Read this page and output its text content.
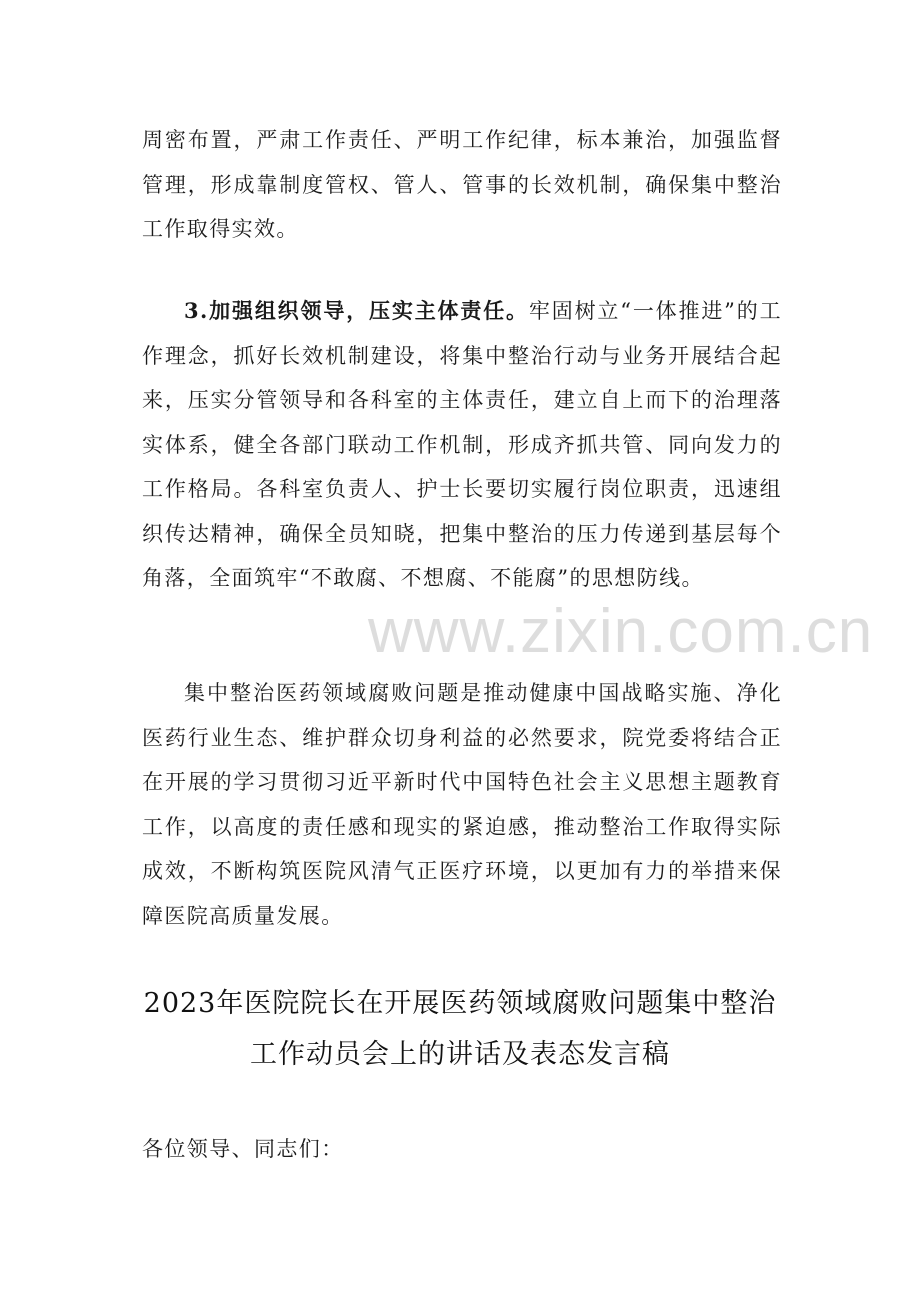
周密布置，严肃工作责任、严明工作纪律，标本兼治，加强监督管理，形成靠制度管权、管人、管事的长效机制，确保集中整治工作取得实效。

3.加强组织领导，压实主体责任。牢固树立“一体推进”的工作理念，抓好长效机制建设，将集中整治行动与业务开展结合起来，压实分管领导和各科室的主体责任，建立自上而下的治理落实体系，健全各部门联动工作机制，形成齐抓共管、同向发力的工作格局。各科室负责人、护士长要切实履行岗位职责，迅速组织传达精神，确保全员知晓，把集中整治的压力传递到基层每个角落，全面筑牢“不敢腐、不想腐、不能腐”的思想防线。

集中整治医药领域腐败问题是推动健康中国战略实施、净化医药行业生态、维护群众切身利益的必然要求，院党委将结合正在开展的学习贯彻习近平新时代中国特色社会主义思想主题教育工作，以高度的责任感和现实的紧迫感，推动整治工作取得实际成效，不断构筑医院风清气正医疗环境，以更加有力的举措来保障医院高质量发展。

2023年医院院长在开展医药领域腐败问题集中整治
工作动员会上的讲话及表态发言稿

各位领导、同志们：

www.zixin.com.cn
